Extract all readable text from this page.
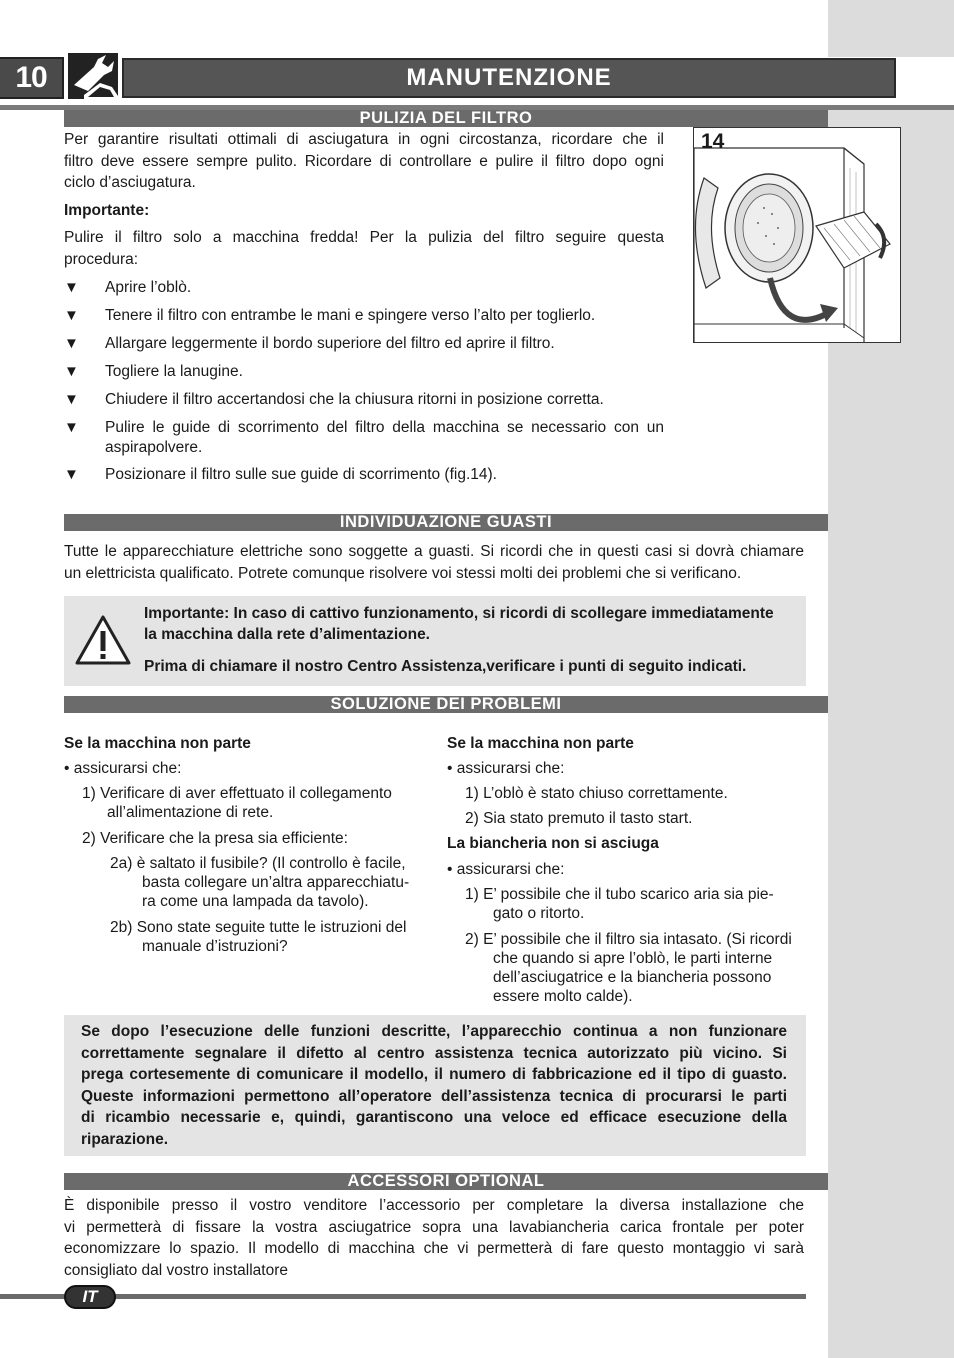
10	MANUTENZIONE
PULIZIA DEL FILTRO
Per garantire risultati ottimali di asciugatura in ogni circostanza, ricordare che il
filtro deve essere sempre pulito. Ricordare di controllare e pulire il filtro dopo ogni
ciclo d’asciugatura.
Importante:
Pulire il filtro solo a macchina fredda! Per la pulizia del filtro seguire questa
procedura:
▼ Aprire l’oblò.
▼ Tenere il filtro con entrambe le mani e spingere verso l’alto per toglierlo.
▼ Allargare leggermente il bordo superiore del filtro ed aprire il filtro.
▼ Togliere la lanugine.
▼ Chiudere il filtro accertandosi che la chiusura ritorni in posizione corretta.
▼ Pulire le guide di scorrimento del filtro della macchina se necessario con un
aspirapolvere.
▼ Posizionare il filtro sulle sue guide di scorrimento (fig.14).
14
INDIVIDUAZIONE GUASTI
Tutte le apparecchiature elettriche sono soggette a guasti. Si ricordi che in questi casi si dovrà chiamare
un elettricista qualificato. Potrete comunque risolvere voi stessi molti dei problemi che si verificano.
Importante: In caso di cattivo funzionamento, si ricordi di scollegare immediatamente
la macchina dalla rete d’alimentazione.
Prima di chiamare il nostro Centro Assistenza,verificare i punti di seguito indicati.
SOLUZIONE DEI PROBLEMI
Se la macchina non parte
• assicurarsi che:
1) Verificare di aver effettuato il collegamento
all’alimentazione di rete.
2) Verificare che la presa sia efficiente:
2a) è saltato il fusibile? (Il controllo è facile,
basta collegare un’altra apparecchiatu-
ra come una lampada da tavolo).
2b) Sono state seguite tutte le istruzioni del
manuale d’istruzioni?
Se la macchina non parte
• assicurarsi che:
1) L’oblò è stato chiuso correttamente.
2) Sia stato premuto il tasto start.
La biancheria non si asciuga
• assicurarsi che:
1) E’ possibile che il tubo scarico aria sia pie-
gato o ritorto.
2) E’ possibile che il filtro sia intasato. (Si ricordi
che quando si apre l’oblò, le parti interne
dell’asciugatrice e la biancheria possono
essere molto calde).
Se dopo l’esecuzione delle funzioni descritte, l’apparecchio continua a non funzionare
correttamente segnalare il difetto al centro assistenza tecnica autorizzato più vicino. Si
prega cortesemente di comunicare il modello, il numero di fabbricazione ed il tipo di guasto.
Queste informazioni permettono all’operatore dell’assistenza tecnica di procurarsi le parti
di ricambio necessarie e, quindi, garantiscono una veloce ed efficace esecuzione della
riparazione.
ACCESSORI OPTIONAL
È disponibile presso il vostro venditore l’accessorio per completare la diversa installazione che
vi permetterà di fissare la vostra asciugatrice sopra una lavabiancheria carica frontale per poter
economizzare lo spazio. Il modello di macchina che vi permetterà di fare questo montaggio vi sarà
consigliato dal vostro installatore
IT
